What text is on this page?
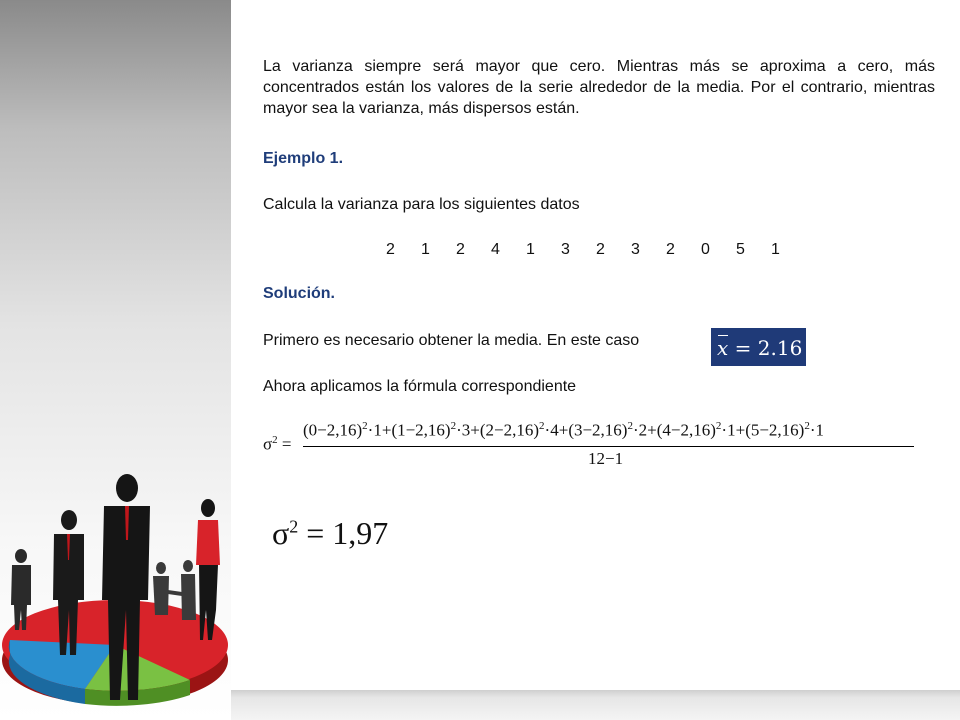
La varianza siempre será mayor que cero. Mientras más se aproxima a cero, más concentrados están los valores de la serie alrededor de la media. Por el contrario, mientras mayor sea la varianza, más dispersos están.

Ejemplo 1.

Calcula la varianza para los siguientes datos

2	1	2	4	1	3	2	3	2	0	5	1

Solución.

Primero es necesario obtener la media. En este caso	x = 2.16

Ahora aplicamos la fórmula correspondiente

$\sigma^2$ =
$(0-2,16)^2\cdot 1+(1-2,16)^2\cdot 3+(2-2,16)^2\cdot 4+(3-2,16)^2\cdot 2+(4-2,16)^2\cdot 1+(5-2,16)^2\cdot 1$
12−1
$\sigma^2 = 1,97$
